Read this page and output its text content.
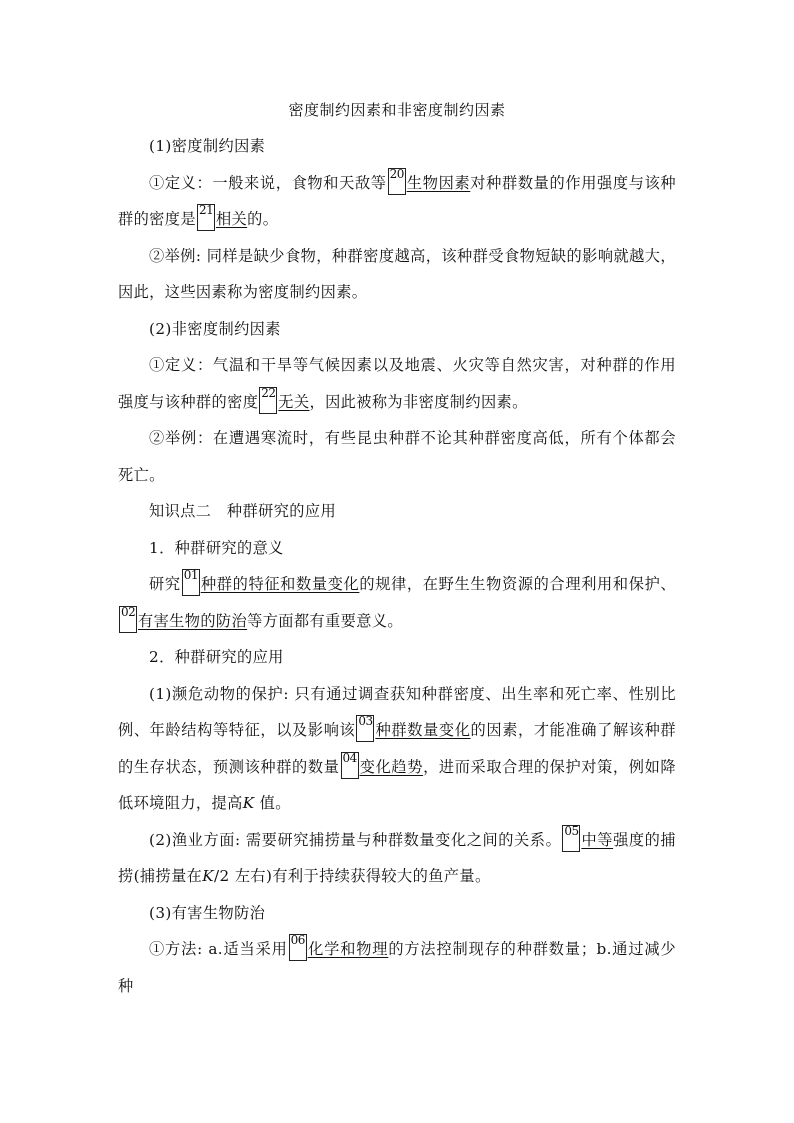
密度制约因素和非密度制约因素

(1)密度制约因素

①定义：一般来说，食物和天敌等 20 生物因素对种群数量的作用强度与该种群的密度是 21 相关的。

②举例: 同样是缺少食物，种群密度越高，该种群受食物短缺的影响就越大，因此，这些因素称为密度制约因素。

(2)非密度制约因素

①定义：气温和干旱等气候因素以及地震、火灾等自然灾害，对种群的作用强度与该种群的密度 22 无关，因此被称为非密度制约因素。

②举例：在遭遇寒流时，有些昆虫种群不论其种群密度高低，所有个体都会死亡。

知识点二　种群研究的应用

1．种群研究的意义

研究 01 种群的特征和数量变化的规律，在野生生物资源的合理利用和保护、
02 有害生物的防治等方面都有重要意义。

2．种群研究的应用

(1)濒危动物的保护: 只有通过调查获知种群密度、出生率和死亡率、性别比例、年龄结构等特征，以及影响该 03 种群数量变化的因素，才能准确了解该种群的生存状态，预测该种群的数量 04 变化趋势，进而采取合理的保护对策，例如降低环境阻力，提高K 值。

(2)渔业方面: 需要研究捕捞量与种群数量变化之间的关系。 05 中等强度的捕捞(捕捞量在K/2 左右)有利于持续获得较大的鱼产量。

(3)有害生物防治

①方法: a.适当采用 06 化学和物理的方法控制现存的种群数量；b.通过减少种
